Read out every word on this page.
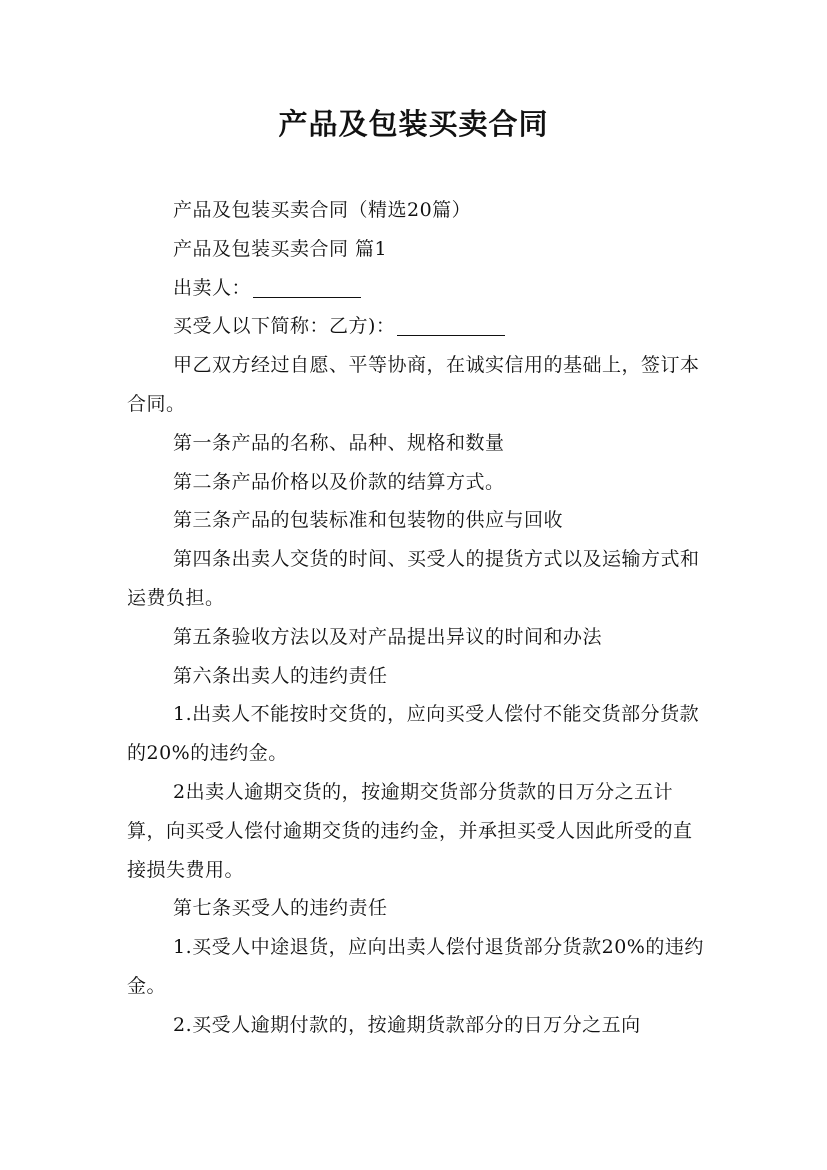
产品及包装买卖合同

产品及包装买卖合同（精选20篇）

产品及包装买卖合同 篇1

出卖人：

买受人以下简称：乙方)：

甲乙双方经过自愿、平等协商，在诚实信用的基础上，签订本合同。

第一条产品的名称、品种、规格和数量

第二条产品价格以及价款的结算方式。

第三条产品的包装标准和包装物的供应与回收

第四条出卖人交货的时间、买受人的提货方式以及运输方式和运费负担。

第五条验收方法以及对产品提出异议的时间和办法

第六条出卖人的违约责任

1.出卖人不能按时交货的，应向买受人偿付不能交货部分货款的20%的违约金。

2出卖人逾期交货的，按逾期交货部分货款的日万分之五计算，向买受人偿付逾期交货的违约金，并承担买受人因此所受的直接损失费用。

第七条买受人的违约责任

1.买受人中途退货，应向出卖人偿付退货部分货款20%的违约金。

2.买受人逾期付款的，按逾期货款部分的日万分之五向
